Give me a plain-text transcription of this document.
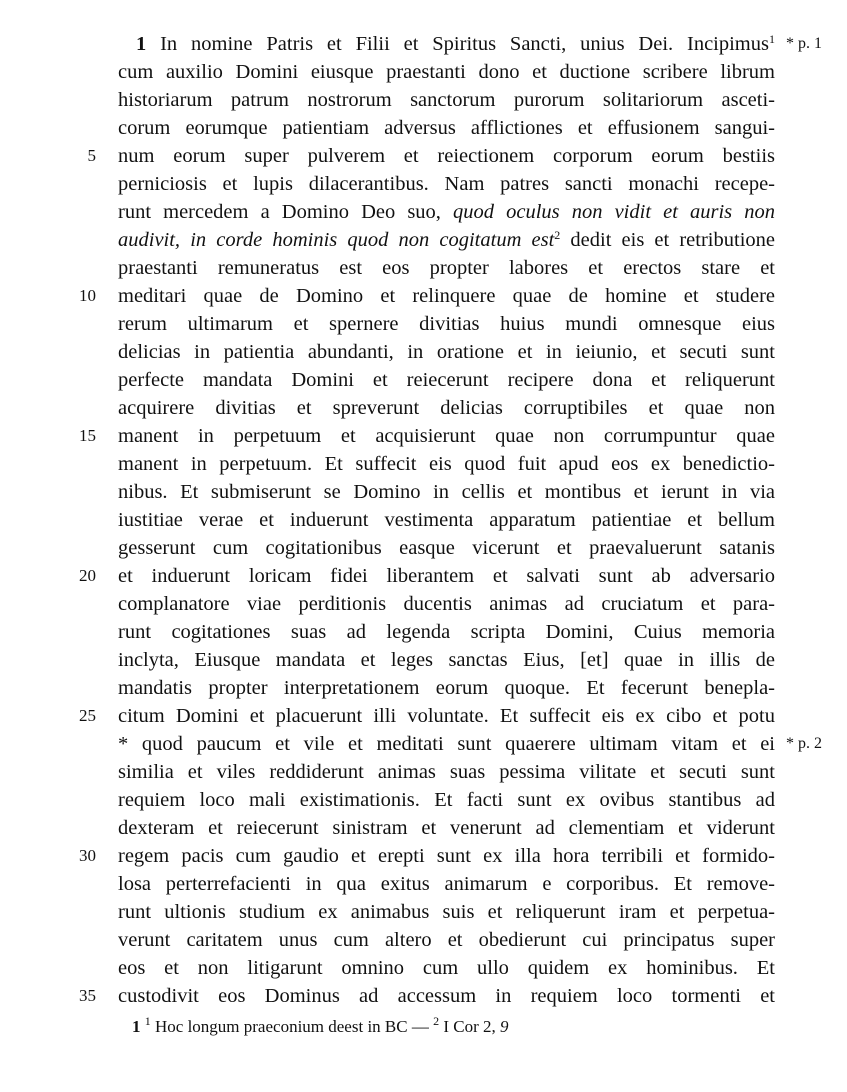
1 In nomine Patris et Filii et Spiritus Sancti, unius Dei. Incipimus$^1$ * p. 1
cum auxilio Domini eiusque praestanti dono et ductione scribere librum
historiarum patrum nostrorum sanctorum purorum solitariorum asceti-
corum eorumque patientiam adversus afflictiones et effusionem sangui-
5 num eorum super pulverem et reiectionem corporum eorum bestiis
perniciosis et lupis dilacerantibus. Nam patres sancti monachi recepe-
runt mercedem a Domino Deo suo, quod oculus non vidit et auris non
audivit, in corde hominis quod non cogitatum est$^2$ dedit eis et retributione
praestanti remuneratus est eos propter labores et erectos stare et
10 meditari quae de Domino et relinquere quae de homine et studere
rerum ultimarum et spernere divitias huius mundi omnesque eius
delicias in patientia abundanti, in oratione et in ieiunio, et secuti sunt
perfecte mandata Domini et reiecerunt recipere dona et reliquerunt
acquirere divitias et spreverunt delicias corruptibiles et quae non
15 manent in perpetuum et acquisierunt quae non corrumpuntur quae
manent in perpetuum. Et suffecit eis quod fuit apud eos ex benedictio-
nibus. Et submiserunt se Domino in cellis et montibus et ierunt in via
iustitiae verae et induerunt vestimenta apparatum patientiae et bellum
gesserunt cum cogitationibus easque vicerunt et praevaluerunt satanis
20 et induerunt loricam fidei liberantem et salvati sunt ab adversario
complanatore viae perditionis ducentis animas ad cruciatum et para-
runt cogitationes suas ad legenda scripta Domini, Cuius memoria
inclyta, Eiusque mandata et leges sanctas Eius, [et] quae in illis de
mandatis propter interpretationem eorum quoque. Et fecerunt benepla-
25 citum Domini et placuerunt illi voluntate. Et suffecit eis ex cibo et potu
* quod paucum et vile et meditati sunt quaerere ultimam vitam et ei * p. 2
similia et viles reddiderunt animas suas pessima vilitate et secuti sunt
requiem loco mali existimationis. Et facti sunt ex ovibus stantibus ad
dexteram et reiecerunt sinistram et venerunt ad clementiam et viderunt
30 regem pacis cum gaudio et erepti sunt ex illa hora terribili et formido-
losa perterrefacienti in qua exitus animarum e corporibus. Et remove-
runt ultionis studium ex animabus suis et reliquerunt iram et perpetua-
verunt caritatem unus cum altero et obedierunt cui principatus super
eos et non litigarunt omnino cum ullo quidem ex hominibus. Et
35 custodivit eos Dominus ad accessum in requiem loco tormenti et
1 $^1$ Hoc longum praeconium deest in BC — $^2$ I Cor 2, 9
